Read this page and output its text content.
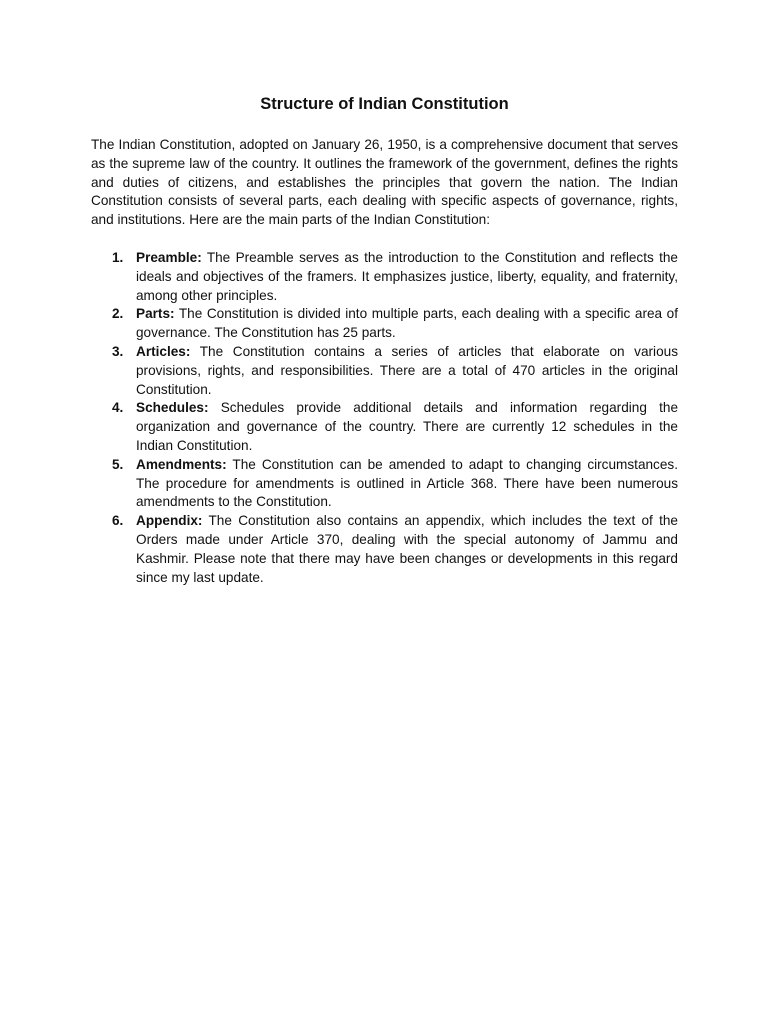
Structure of Indian Constitution

The Indian Constitution, adopted on January 26, 1950, is a comprehensive document that serves as the supreme law of the country. It outlines the framework of the government, defines the rights and duties of citizens, and establishes the principles that govern the nation. The Indian Constitution consists of several parts, each dealing with specific aspects of governance, rights, and institutions. Here are the main parts of the Indian Constitution:

1. Preamble: The Preamble serves as the introduction to the Constitution and reflects the ideals and objectives of the framers. It emphasizes justice, liberty, equality, and fraternity, among other principles.
2. Parts: The Constitution is divided into multiple parts, each dealing with a specific area of governance. The Constitution has 25 parts.
3. Articles: The Constitution contains a series of articles that elaborate on various provisions, rights, and responsibilities. There are a total of 470 articles in the original Constitution.
4. Schedules: Schedules provide additional details and information regarding the organization and governance of the country. There are currently 12 schedules in the Indian Constitution.
5. Amendments: The Constitution can be amended to adapt to changing circumstances. The procedure for amendments is outlined in Article 368. There have been numerous amendments to the Constitution.
6. Appendix: The Constitution also contains an appendix, which includes the text of the Orders made under Article 370, dealing with the special autonomy of Jammu and Kashmir. Please note that there may have been changes or developments in this regard since my last update.
